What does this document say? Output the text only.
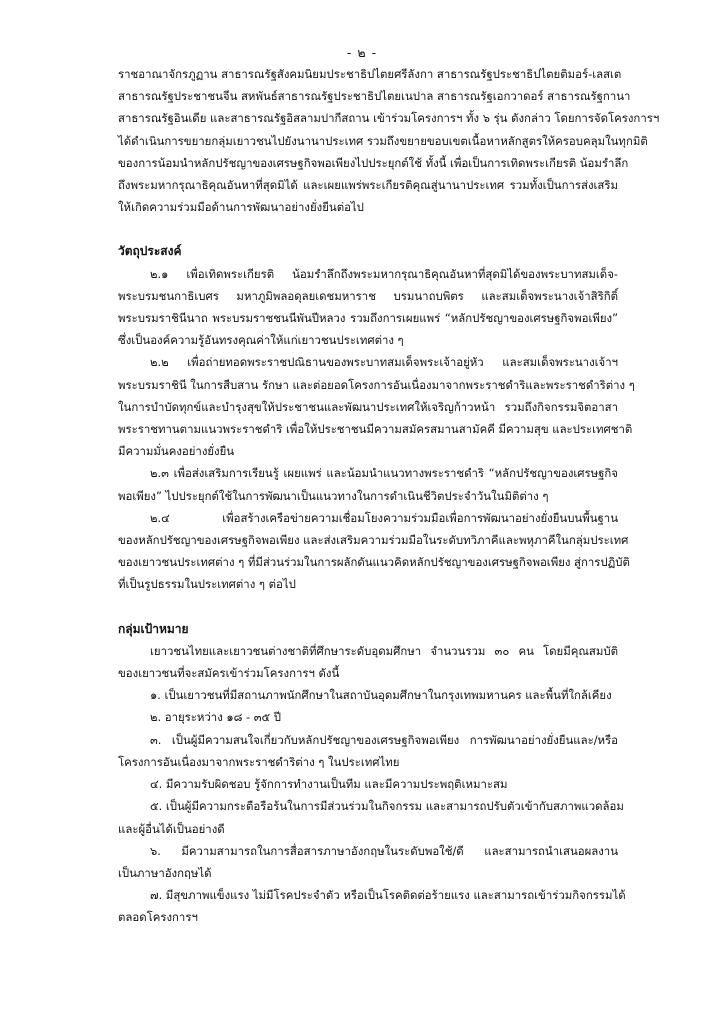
- ๒ -
ราชอาณาจักรภูฏาน สาธารณรัฐสังคมนิยมประชาธิปไตยศรีลังกา สาธารณรัฐประชาธิปไตยติมอร์-เลสเต
สาธารณรัฐประชาชนจีน สหพันธ์สาธารณรัฐประชาธิปไตยเนปาล สาธารณรัฐเอกวาดอร์ สาธารณรัฐกานา
สาธารณรัฐอินเดีย และสาธารณรัฐอิสลามปากีสถาน เข้าร่วมโครงการฯ ทั้ง ๖ รุ่น ดังกล่าว โดยการจัดโครงการฯ
ได้ดำเนินการขยายกลุ่มเยาวชนไปยังนานาประเทศ รวมถึงขยายขอบเขตเนื้อหาหลักสูตรให้ครอบคลุมในทุกมิติ
ของการน้อมนำหลักปรัชญาของเศรษฐกิจพอเพียงไปประยุกต์ใช้ ทั้งนี้ เพื่อเป็นการเทิดพระเกียรติ น้อมรำลึก
ถึงพระมหากรุณาธิคุณอันหาที่สุดมิได้ และเผยแพร่พระเกียรติคุณสู่นานาประเทศ รวมทั้งเป็นการส่งเสริม
ให้เกิดความร่วมมือด้านการพัฒนาอย่างยั่งยืนต่อไป
วัตถุประสงค์
๒.๑ เพื่อเทิดพระเกียรติ น้อมรำลึกถึงพระมหากรุณาธิคุณอันหาที่สุดมิได้ของพระบาทสมเด็จ-
พระบรมชนกาธิเบศร มหาภูมิพลอดุลยเดชมหาราช บรมนาถบพิตร และสมเด็จพระนางเจ้าสิริกิติ์
พระบรมราชินีนาถ พระบรมราชชนนีพันปีหลวง รวมถึงการเผยแพร่ “หลักปรัชญาของเศรษฐกิจพอเพียง”
ซึ่งเป็นองค์ความรู้อันทรงคุณค่าให้แก่เยาวชนประเทศต่าง ๆ
๒.๒ เพื่อถ่ายทอดพระราชปณิธานของพระบาทสมเด็จพระเจ้าอยู่หัว และสมเด็จพระนางเจ้าฯ
พระบรมราชินี ในการสืบสาน รักษา และต่อยอดโครงการอันเนื่องมาจากพระราชดำริและพระราชดำริต่าง ๆ
ในการบำบัดทุกข์และบำรุงสุขให้ประชาชนและพัฒนาประเทศให้เจริญก้าวหน้า รวมถึงกิจกรรมจิตอาสา
พระราชทานตามแนวพระราชดำริ เพื่อให้ประชาชนมีความสมัครสมานสามัคคี มีความสุข และประเทศชาติ
มีความมั่นคงอย่างยั่งยืน
๒.๓ เพื่อส่งเสริมการเรียนรู้ เผยแพร่ และน้อมนำแนวทางพระราชดำริ “หลักปรัชญาของเศรษฐกิจ
พอเพียง” ไปประยุกต์ใช้ในการพัฒนาเป็นแนวทางในการดำเนินชีวิตประจำวันในมิติต่าง ๆ
๒.๔ เพื่อสร้างเครือข่ายความเชื่อมโยงความร่วมมือเพื่อการพัฒนาอย่างยั่งยืนบนพื้นฐาน
ของหลักปรัชญาของเศรษฐกิจพอเพียง และส่งเสริมความร่วมมือในระดับทวิภาคีและพหุภาคีในกลุ่มประเทศ
ของเยาวชนประเทศต่าง ๆ ที่มีส่วนร่วมในการผลักดันแนวคิดหลักปรัชญาของเศรษฐกิจพอเพียง สู่การปฏิบัติ
ที่เป็นรูปธรรมในประเทศต่าง ๆ ต่อไป
กลุ่มเป้าหมาย
เยาวชนไทยและเยาวชนต่างชาติที่ศึกษาระดับอุดมศึกษา จำนวนรวม ๓๐ คน โดยมีคุณสมบัติ
ของเยาวชนที่จะสมัครเข้าร่วมโครงการฯ ดังนี้
๑. เป็นเยาวชนที่มีสถานภาพนักศึกษาในสถาบันอุดมศึกษาในกรุงเทพมหานคร และพื้นที่ใกล้เคียง
๒. อายุระหว่าง ๑๘ - ๓๕ ปี
๓. เป็นผู้มีความสนใจเกี่ยวกับหลักปรัชญาของเศรษฐกิจพอเพียง การพัฒนาอย่างยั่งยืนและ/หรือ
โครงการอันเนื่องมาจากพระราชดำริต่าง ๆ ในประเทศไทย
๔. มีความรับผิดชอบ รู้จักการทำงานเป็นทีม และมีความประพฤติเหมาะสม
๕. เป็นผู้มีความกระตือรือร้นในการมีส่วนร่วมในกิจกรรม และสามารถปรับตัวเข้ากับสภาพแวดล้อม
และผู้อื่นได้เป็นอย่างดี
๖. มีความสามารถในการสื่อสารภาษาอังกฤษในระดับพอใช้/ดี และสามารถนำเสนอผลงาน
เป็นภาษาอังกฤษได้
๗. มีสุขภาพแข็งแรง ไม่มีโรคประจำตัว หรือเป็นโรคติดต่อร้ายแรง และสามารถเข้าร่วมกิจกรรมได้
ตลอดโครงการฯ
